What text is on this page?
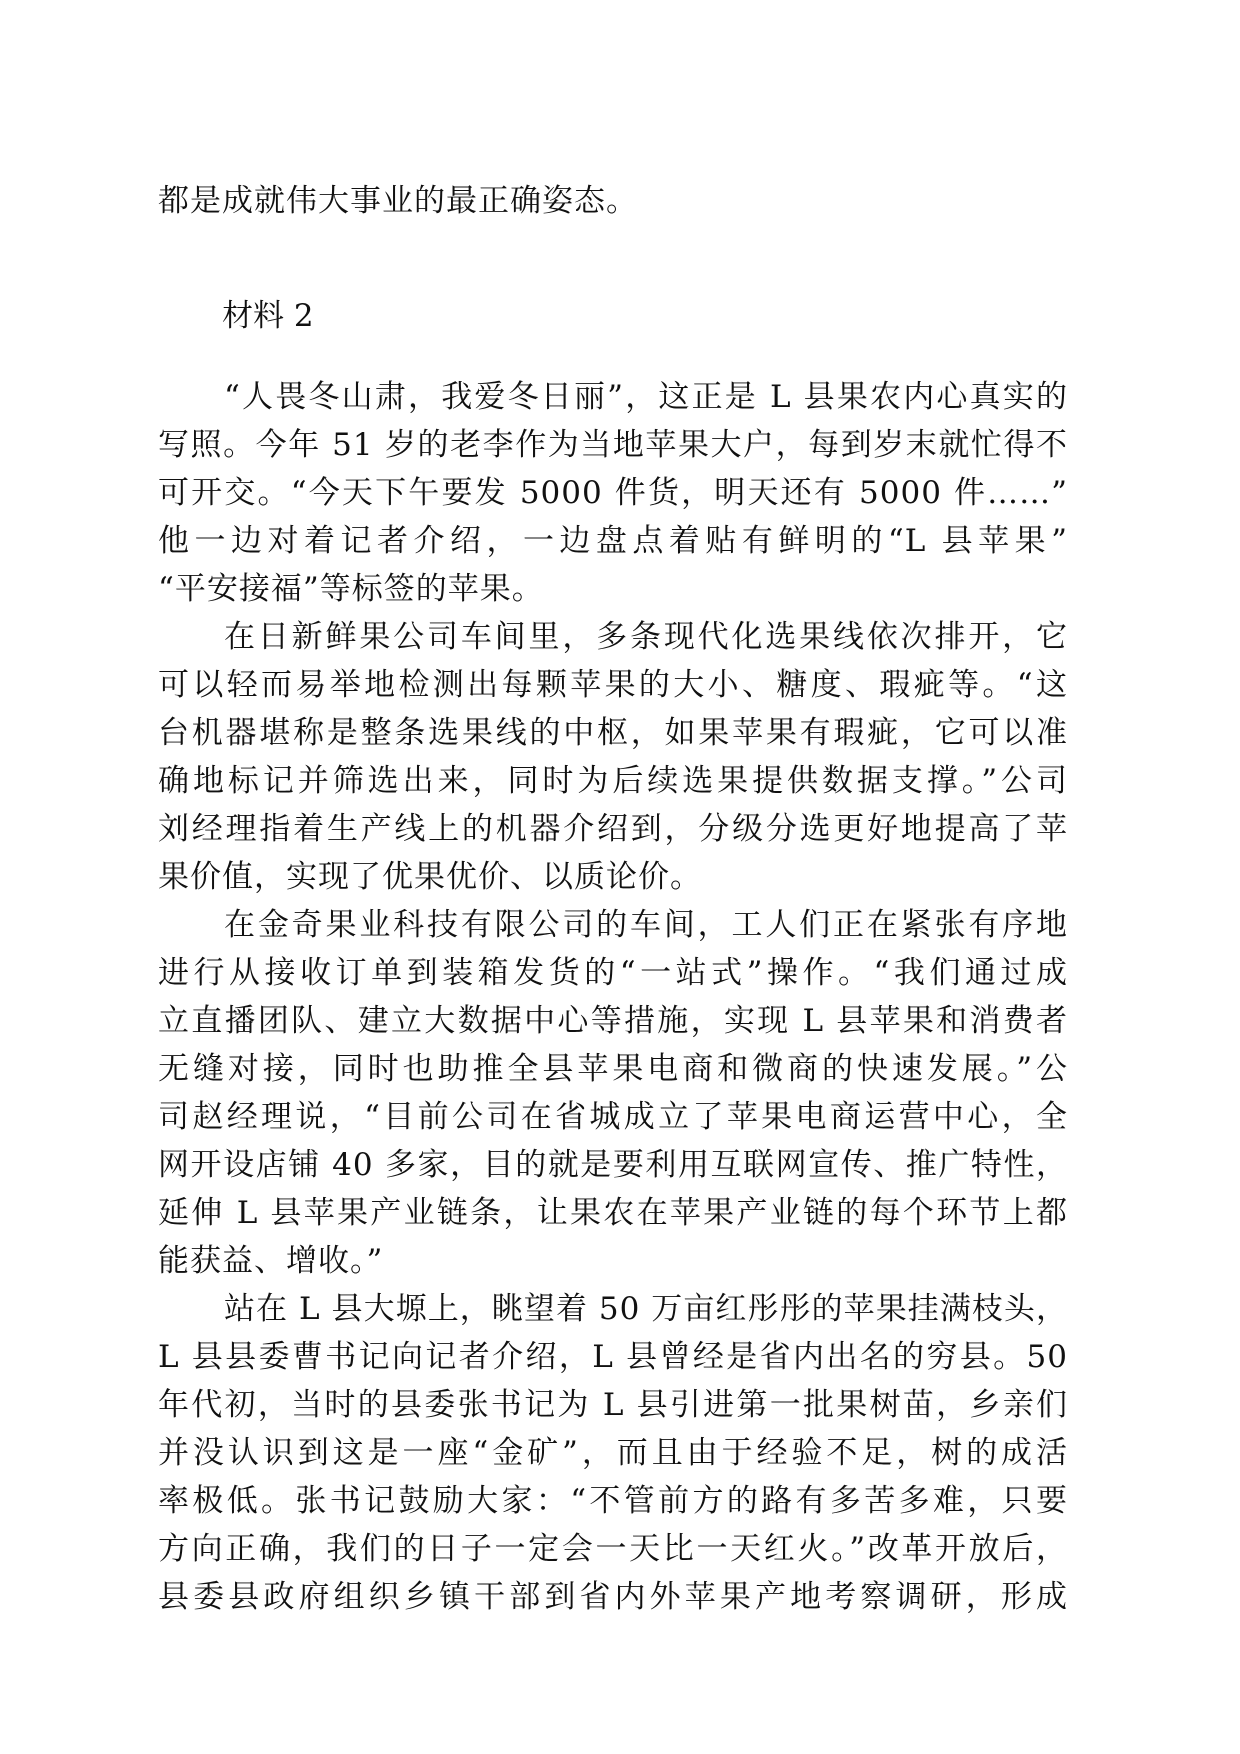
都是成就伟大事业的最正确姿态。

材料 2

“人畏冬山肃，我爱冬日丽”，这正是 L 县果农内心真实的

写照。今年 51 岁的老李作为当地苹果大户，每到岁末就忙得不

可开交。“今天下午要发 5000 件货，明天还有 5000 件……”

他一边对着记者介绍，一边盘点着贴有鲜明的“L 县苹果”

“平安接福”等标签的苹果。

在日新鲜果公司车间里，多条现代化选果线依次排开，它

可以轻而易举地检测出每颗苹果的大小、糖度、瑕疵等。“这

台机器堪称是整条选果线的中枢，如果苹果有瑕疵，它可以准

确地标记并筛选出来，同时为后续选果提供数据支撑。”公司

刘经理指着生产线上的机器介绍到，分级分选更好地提高了苹

果价值，实现了优果优价、以质论价。

在金奇果业科技有限公司的车间，工人们正在紧张有序地

进行从接收订单到装箱发货的“一站式”操作。“我们通过成

立直播团队、建立大数据中心等措施，实现 L 县苹果和消费者

无缝对接，同时也助推全县苹果电商和微商的快速发展。”公

司赵经理说，“目前公司在省城成立了苹果电商运营中心，全

网开设店铺 40 多家，目的就是要利用互联网宣传、推广特性，

延伸 L 县苹果产业链条，让果农在苹果产业链的每个环节上都

能获益、增收。”

站在 L 县大塬上，眺望着 50 万亩红彤彤的苹果挂满枝头，

L 县县委曹书记向记者介绍，L 县曾经是省内出名的穷县。50

年代初，当时的县委张书记为 L 县引进第一批果树苗，乡亲们

并没认识到这是一座“金矿”，而且由于经验不足，树的成活

率极低。张书记鼓励大家：“不管前方的路有多苦多难，只要

方向正确，我们的日子一定会一天比一天红火。”改革开放后，

县委县政府组织乡镇干部到省内外苹果产地考察调研，形成
